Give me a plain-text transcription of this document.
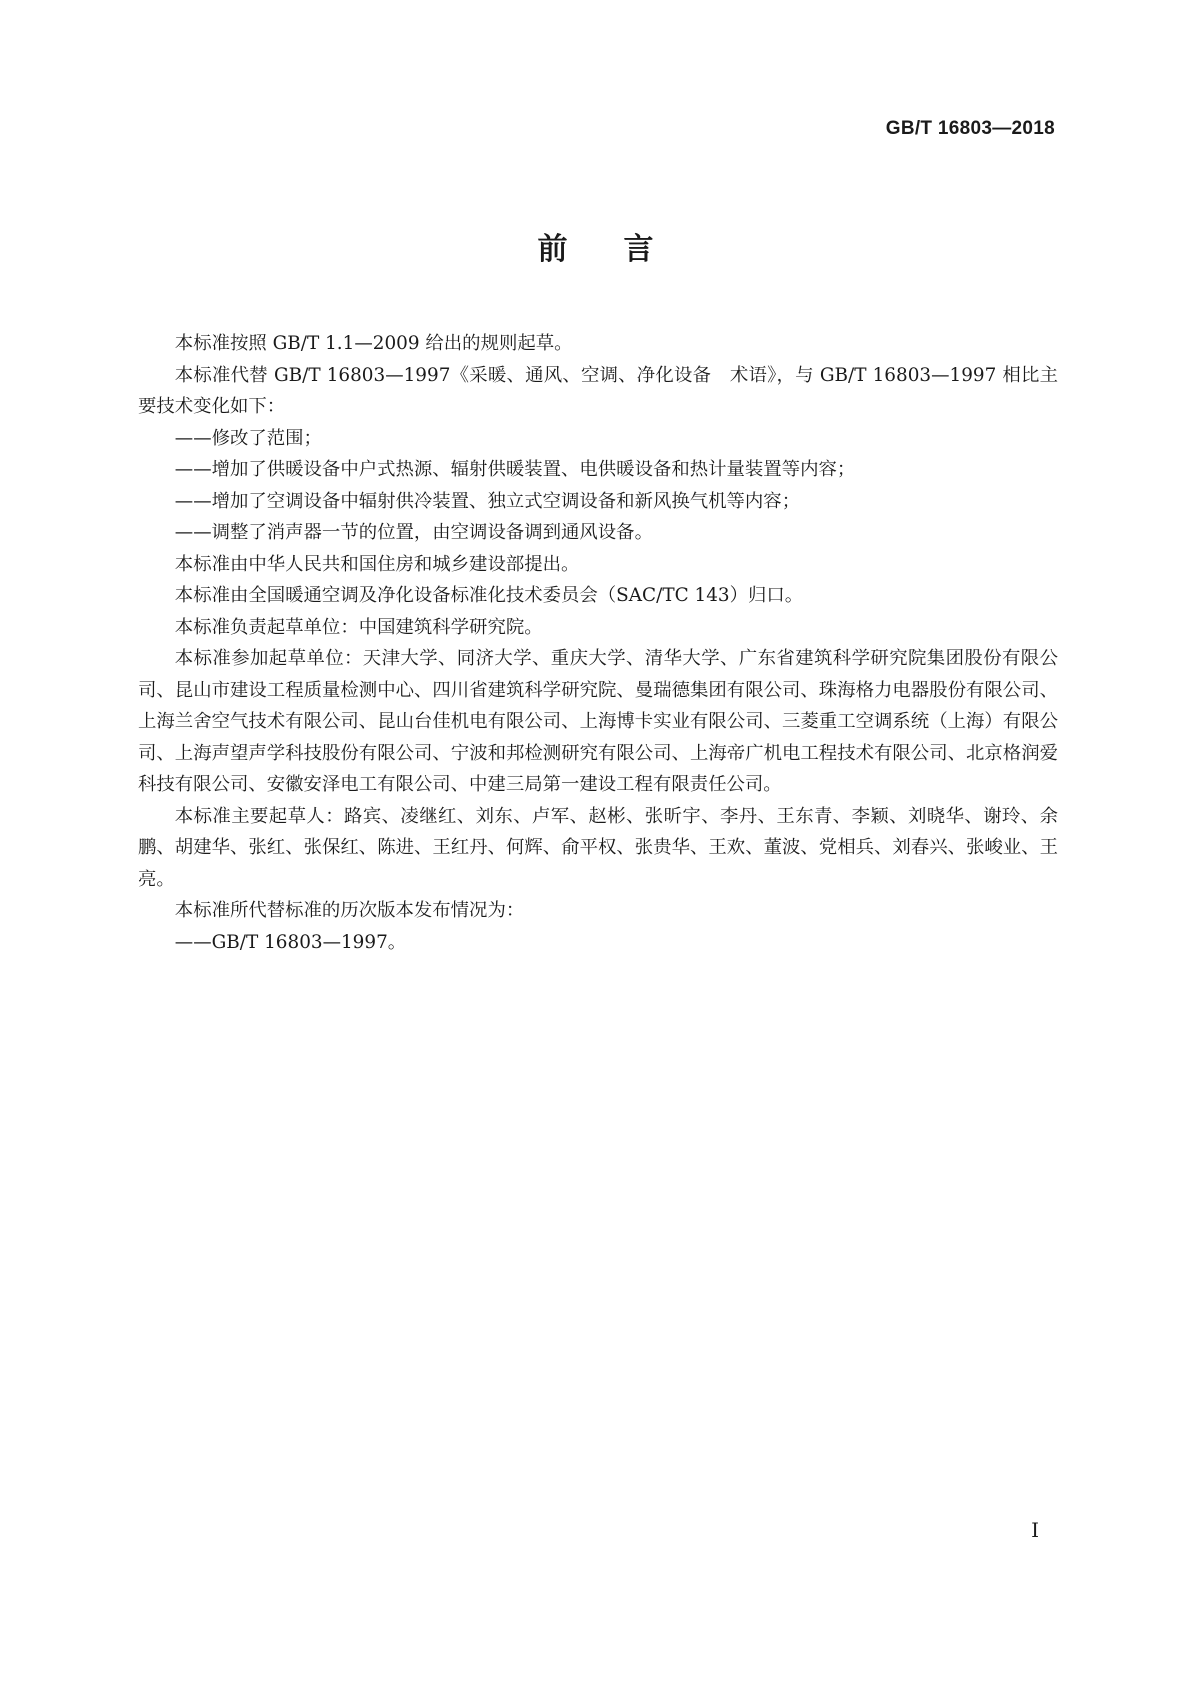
GB/T 16803—2018
前言

本标准按照 GB/T 1.1—2009 给出的规则起草。

本标准代替 GB/T 16803—1997《采暖、通风、空调、净化设备　术语》，与 GB/T 16803—1997 相比主要技术变化如下：

——修改了范围；

——增加了供暖设备中户式热源、辐射供暖装置、电供暖设备和热计量装置等内容；

——增加了空调设备中辐射供冷装置、独立式空调设备和新风换气机等内容；

——调整了消声器一节的位置，由空调设备调到通风设备。

本标准由中华人民共和国住房和城乡建设部提出。

本标准由全国暖通空调及净化设备标准化技术委员会（SAC/TC 143）归口。

本标准负责起草单位：中国建筑科学研究院。

本标准参加起草单位：天津大学、同济大学、重庆大学、清华大学、广东省建筑科学研究院集团股份有限公司、昆山市建设工程质量检测中心、四川省建筑科学研究院、曼瑞德集团有限公司、珠海格力电器股份有限公司、上海兰舍空气技术有限公司、昆山台佳机电有限公司、上海博卡实业有限公司、三菱重工空调系统（上海）有限公司、上海声望声学科技股份有限公司、宁波和邦检测研究有限公司、上海帝广机电工程技术有限公司、北京格润爱科技有限公司、安徽安泽电工有限公司、中建三局第一建设工程有限责任公司。

本标准主要起草人：路宾、凌继红、刘东、卢军、赵彬、张昕宇、李丹、王东青、李颖、刘晓华、谢玲、余鹏、胡建华、张红、张保红、陈进、王红丹、何辉、俞平权、张贵华、王欢、董波、党相兵、刘春兴、张峻业、王亮。

本标准所代替标准的历次版本发布情况为：

——GB/T 16803—1997。

I
